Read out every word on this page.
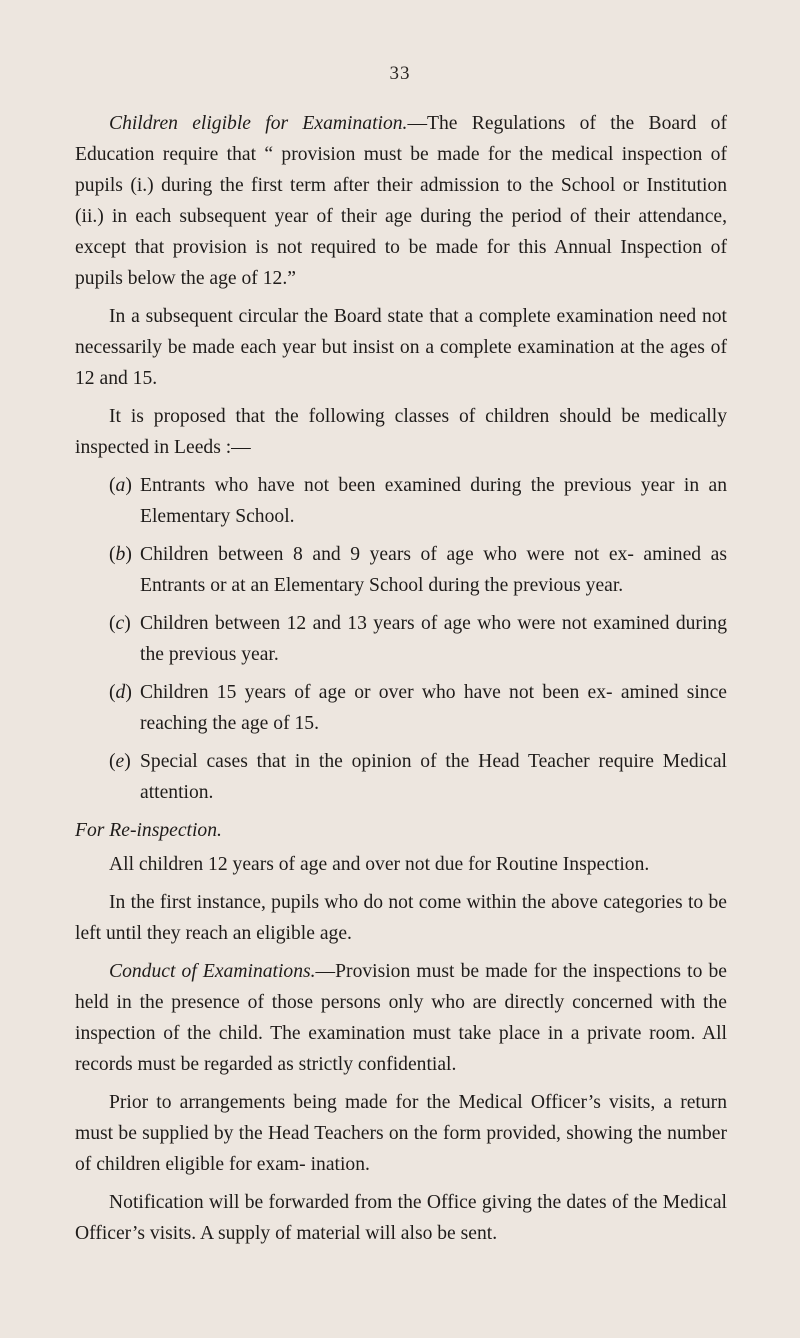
33

Children eligible for Examination.—The Regulations of the Board of Education require that “ provision must be made for the medical inspection of pupils (i.) during the first term after their admission to the School or Institution (ii.) in each subsequent year of their age during the period of their attendance, except that provision is not required to be made for this Annual Inspection of pupils below the age of 12.”

In a subsequent circular the Board state that a complete examination need not necessarily be made each year but insist on a complete examination at the ages of 12 and 15.

It is proposed that the following classes of children should be medically inspected in Leeds :—

(a) Entrants who have not been examined during the previous year in an Elementary School.
(b) Children between 8 and 9 years of age who were not ex- amined as Entrants or at an Elementary School during the previous year.
(c) Children between 12 and 13 years of age who were not examined during the previous year.
(d) Children 15 years of age or over who have not been ex- amined since reaching the age of 15.
(e) Special cases that in the opinion of the Head Teacher require Medical attention.

For Re-inspection.

All children 12 years of age and over not due for Routine Inspection.

In the first instance, pupils who do not come within the above categories to be left until they reach an eligible age.

Conduct of Examinations.—Provision must be made for the inspections to be held in the presence of those persons only who are directly concerned with the inspection of the child. The examination must take place in a private room. All records must be regarded as strictly confidential.

Prior to arrangements being made for the Medical Officer’s visits, a return must be supplied by the Head Teachers on the form provided, showing the number of children eligible for exam- ination.

Notification will be forwarded from the Office giving the dates of the Medical Officer’s visits. A supply of material will also be sent.
